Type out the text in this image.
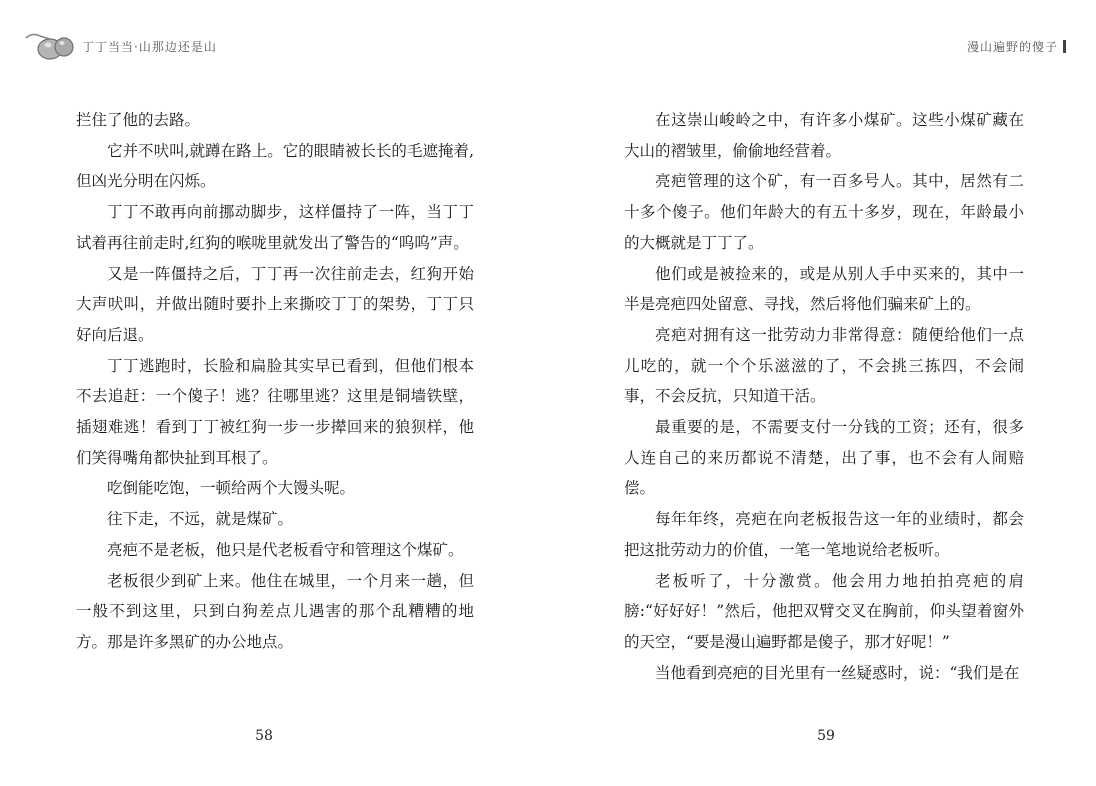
丁丁当当·山那边还是山

拦住了他的去路。

它并不吠叫,就蹲在路上。它的眼睛被长长的毛遮掩着,但凶光分明在闪烁。

丁丁不敢再向前挪动脚步，这样僵持了一阵，当丁丁试着再往前走时,红狗的喉咙里就发出了警告的“呜呜”声。

又是一阵僵持之后，丁丁再一次往前走去，红狗开始大声吠叫，并做出随时要扑上来撕咬丁丁的架势，丁丁只好向后退。

丁丁逃跑时，长脸和扁脸其实早已看到，但他们根本不去追赶：一个傻子！逃？往哪里逃？这里是铜墙铁壁，插翅难逃！看到丁丁被红狗一步一步撵回来的狼狈样，他们笑得嘴角都快扯到耳根了。

吃倒能吃饱，一顿给两个大馒头呢。

往下走，不远，就是煤矿。

亮疤不是老板，他只是代老板看守和管理这个煤矿。

老板很少到矿上来。他住在城里，一个月来一趟，但一般不到这里，只到白狗差点儿遇害的那个乱糟糟的地方。那是许多黑矿的办公地点。

58
漫山遍野的傻子

在这崇山峻岭之中，有许多小煤矿。这些小煤矿藏在大山的褶皱里，偷偷地经营着。

亮疤管理的这个矿，有一百多号人。其中，居然有二十多个傻子。他们年龄大的有五十多岁，现在，年龄最小的大概就是丁丁了。

他们或是被捡来的，或是从别人手中买来的，其中一半是亮疤四处留意、寻找，然后将他们骗来矿上的。

亮疤对拥有这一批劳动力非常得意：随便给他们一点儿吃的，就一个个乐滋滋的了，不会挑三拣四，不会闹事，不会反抗，只知道干活。

最重要的是，不需要支付一分钱的工资；还有，很多人连自己的来历都说不清楚，出了事，也不会有人闹赔偿。

每年年终，亮疤在向老板报告这一年的业绩时，都会把这批劳动力的价值，一笔一笔地说给老板听。

老板听了，十分激赏。他会用力地拍拍亮疤的肩膀:“好好好！”然后，他把双臂交叉在胸前，仰头望着窗外的天空，“要是漫山遍野都是傻子，那才好呢！”

当他看到亮疤的目光里有一丝疑惑时，说：“我们是在

59
